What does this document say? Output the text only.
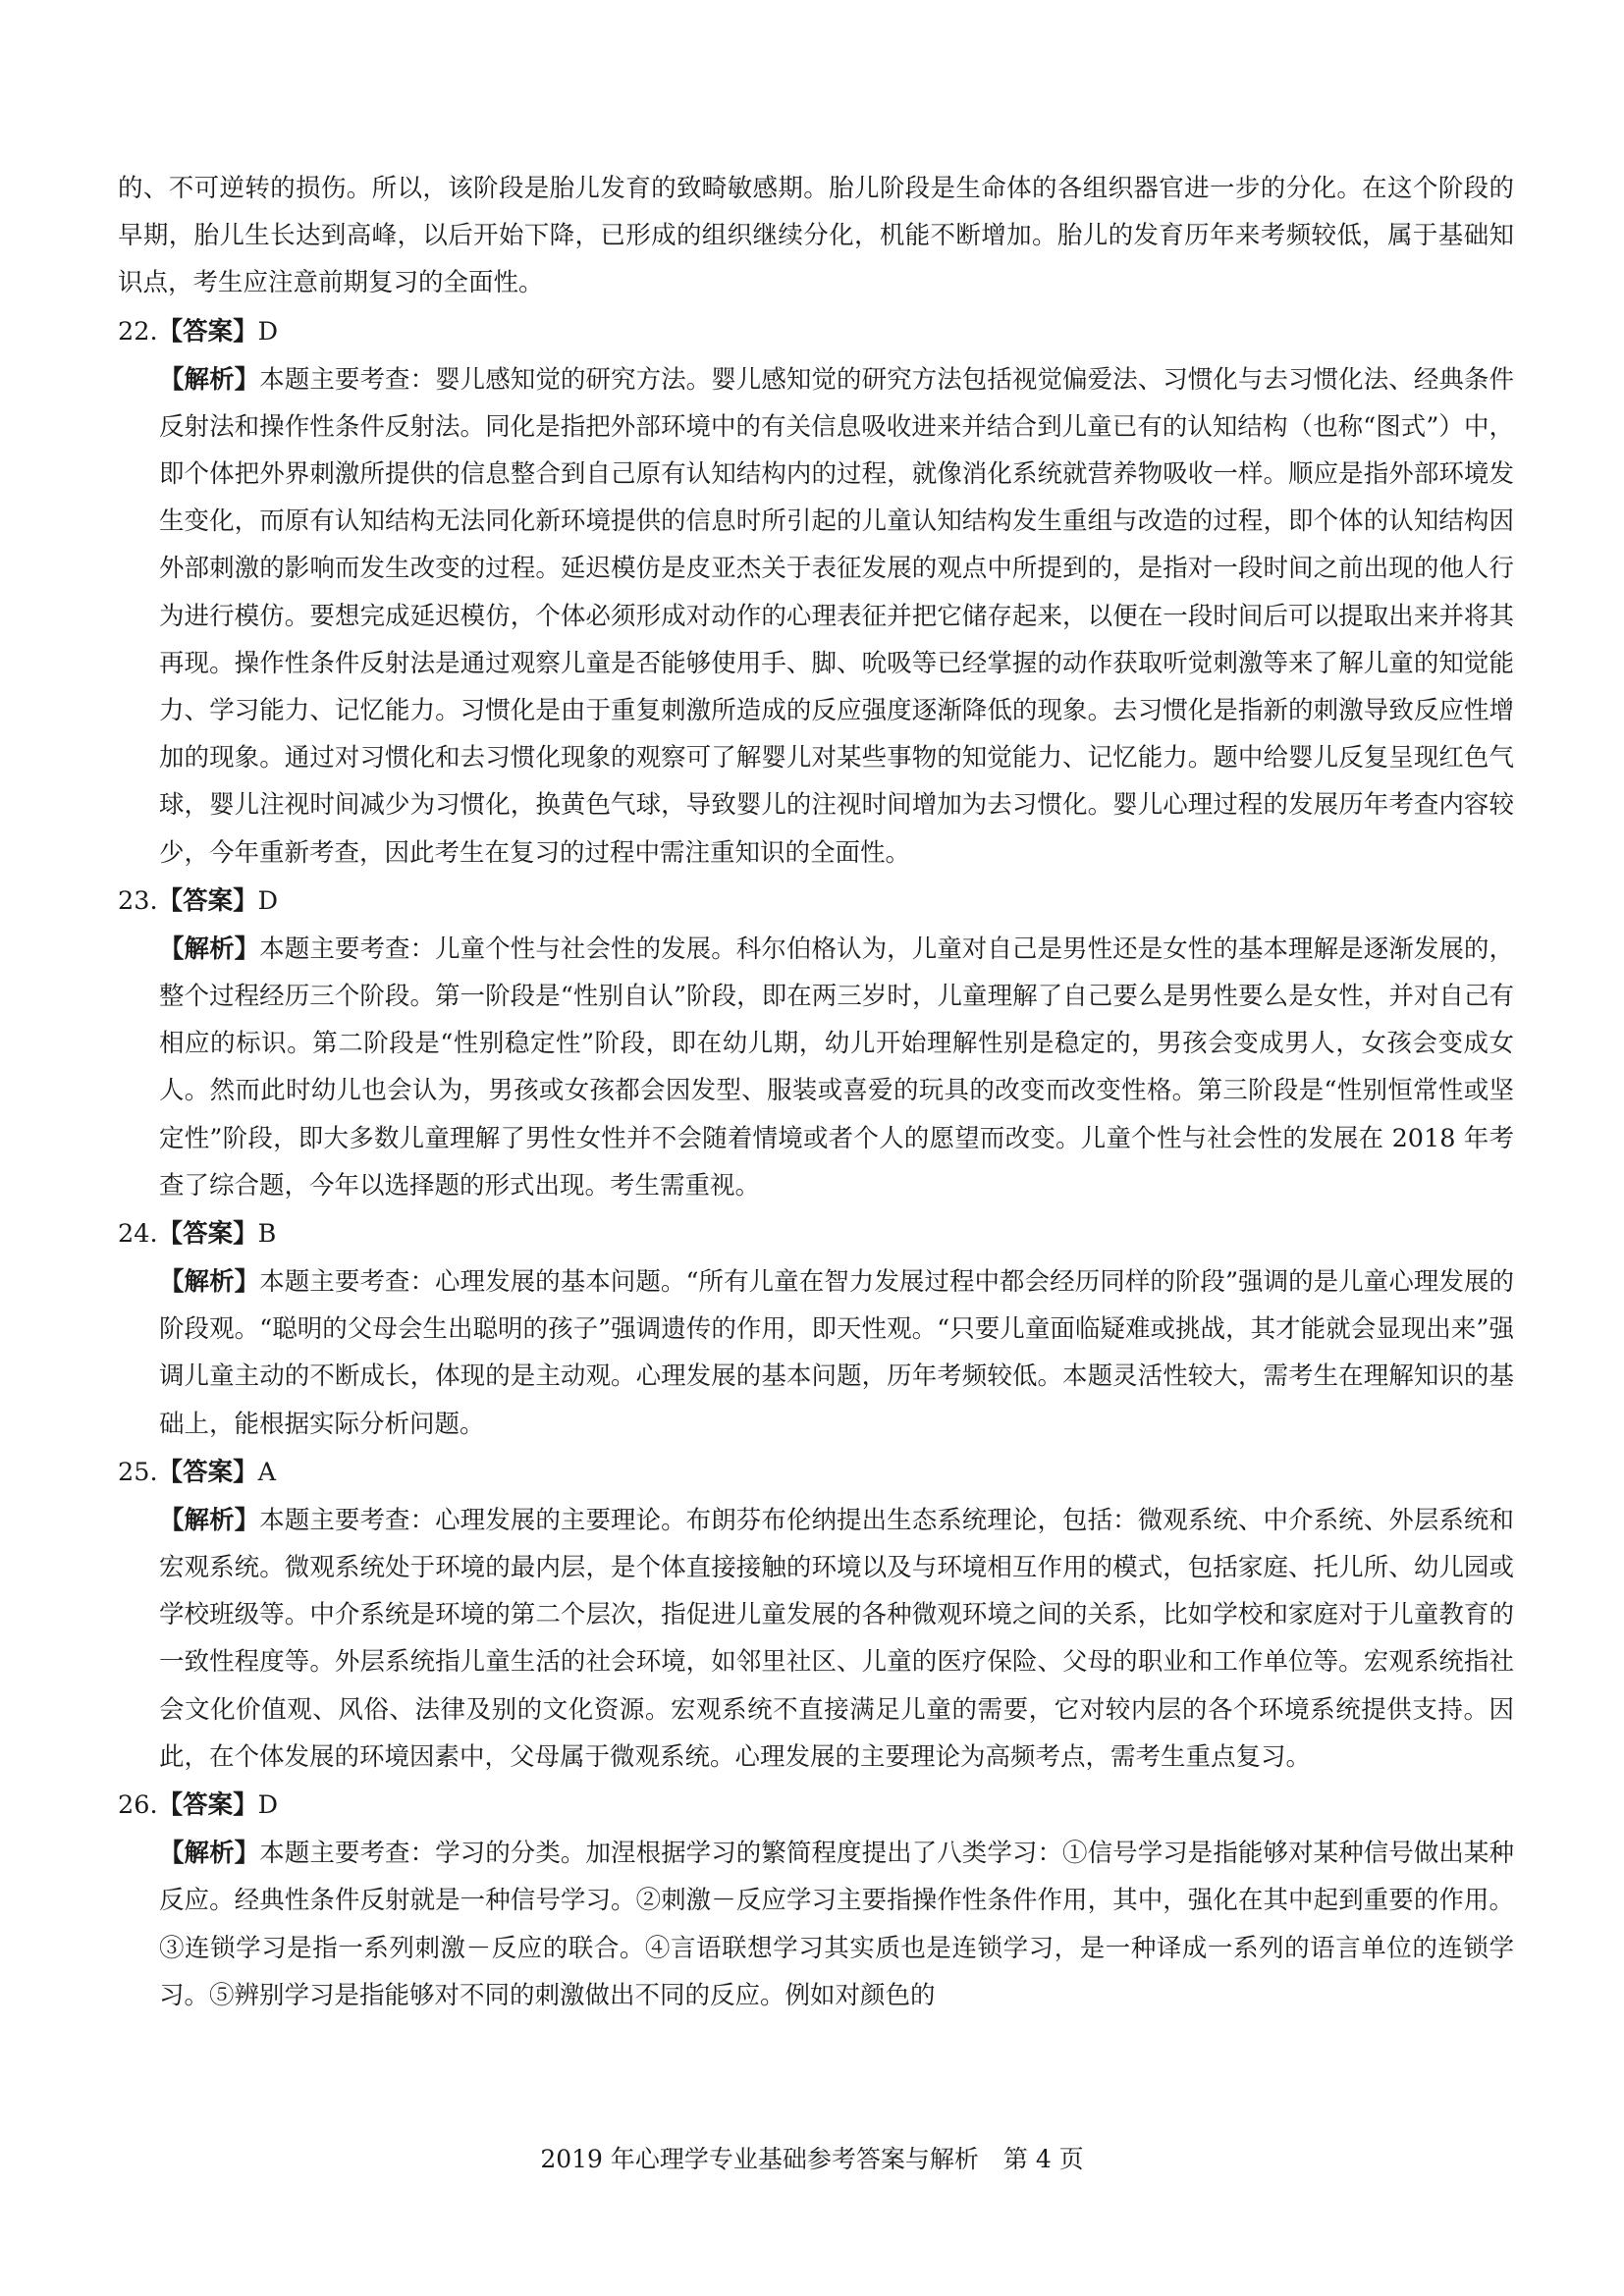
的、不可逆转的损伤。所以，该阶段是胎儿发育的致畸敏感期。胎儿阶段是生命体的各组织器官进一步的分化。在这个阶段的早期，胎儿生长达到高峰，以后开始下降，已形成的组织继续分化，机能不断增加。胎儿的发育历年来考频较低，属于基础知识点，考生应注意前期复习的全面性。

22.【答案】D

【解析】本题主要考查：婴儿感知觉的研究方法。婴儿感知觉的研究方法包括视觉偏爱法、习惯化与去习惯化法、经典条件反射法和操作性条件反射法。同化是指把外部环境中的有关信息吸收进来并结合到儿童已有的认知结构（也称“图式”）中，即个体把外界刺激所提供的信息整合到自己原有认知结构内的过程，就像消化系统就营养物吸收一样。顺应是指外部环境发生变化，而原有认知结构无法同化新环境提供的信息时所引起的儿童认知结构发生重组与改造的过程，即个体的认知结构因外部刺激的影响而发生改变的过程。延迟模仿是皮亚杰关于表征发展的观点中所提到的，是指对一段时间之前出现的他人行为进行模仿。要想完成延迟模仿，个体必须形成对动作的心理表征并把它储存起来，以便在一段时间后可以提取出来并将其再现。操作性条件反射法是通过观察儿童是否能够使用手、脚、吮吸等已经掌握的动作获取听觉刺激等来了解儿童的知觉能力、学习能力、记忆能力。习惯化是由于重复刺激所造成的反应强度逐渐降低的现象。去习惯化是指新的刺激导致反应性增加的现象。通过对习惯化和去习惯化现象的观察可了解婴儿对某些事物的知觉能力、记忆能力。题中给婴儿反复呈现红色气球，婴儿注视时间减少为习惯化，换黄色气球，导致婴儿的注视时间增加为去习惯化。婴儿心理过程的发展历年考查内容较少，今年重新考查，因此考生在复习的过程中需注重知识的全面性。

23.【答案】D

【解析】本题主要考查：儿童个性与社会性的发展。科尔伯格认为，儿童对自己是男性还是女性的基本理解是逐渐发展的，整个过程经历三个阶段。第一阶段是“性别自认”阶段，即在两三岁时，儿童理解了自己要么是男性要么是女性，并对自己有相应的标识。第二阶段是“性别稳定性”阶段，即在幼儿期，幼儿开始理解性别是稳定的，男孩会变成男人，女孩会变成女人。然而此时幼儿也会认为，男孩或女孩都会因发型、服装或喜爱的玩具的改变而改变性格。第三阶段是“性别恒常性或坚定性”阶段，即大多数儿童理解了男性女性并不会随着情境或者个人的愿望而改变。儿童个性与社会性的发展在 2018 年考查了综合题，今年以选择题的形式出现。考生需重视。

24.【答案】B

【解析】本题主要考查：心理发展的基本问题。“所有儿童在智力发展过程中都会经历同样的阶段”强调的是儿童心理发展的阶段观。“聪明的父母会生出聪明的孩子”强调遗传的作用，即天性观。“只要儿童面临疑难或挑战，其才能就会显现出来”强调儿童主动的不断成长，体现的是主动观。心理发展的基本问题，历年考频较低。本题灵活性较大，需考生在理解知识的基础上，能根据实际分析问题。

25.【答案】A

【解析】本题主要考查：心理发展的主要理论。布朗芬布伦纳提出生态系统理论，包括：微观系统、中介系统、外层系统和宏观系统。微观系统处于环境的最内层，是个体直接接触的环境以及与环境相互作用的模式，包括家庭、托儿所、幼儿园或学校班级等。中介系统是环境的第二个层次，指促进儿童发展的各种微观环境之间的关系，比如学校和家庭对于儿童教育的一致性程度等。外层系统指儿童生活的社会环境，如邻里社区、儿童的医疗保险、父母的职业和工作单位等。宏观系统指社会文化价值观、风俗、法律及别的文化资源。宏观系统不直接满足儿童的需要，它对较内层的各个环境系统提供支持。因此，在个体发展的环境因素中，父母属于微观系统。心理发展的主要理论为高频考点，需考生重点复习。

26.【答案】D

【解析】本题主要考查：学习的分类。加涅根据学习的繁简程度提出了八类学习：①信号学习是指能够对某种信号做出某种反应。经典性条件反射就是一种信号学习。②刺激－反应学习主要指操作性条件作用，其中，强化在其中起到重要的作用。③连锁学习是指一系列刺激－反应的联合。④言语联想学习其实质也是连锁学习，是一种译成一系列的语言单位的连锁学习。⑤辨别学习是指能够对不同的刺激做出不同的反应。例如对颜色的

2019 年心理学专业基础参考答案与解析　第 4 页
